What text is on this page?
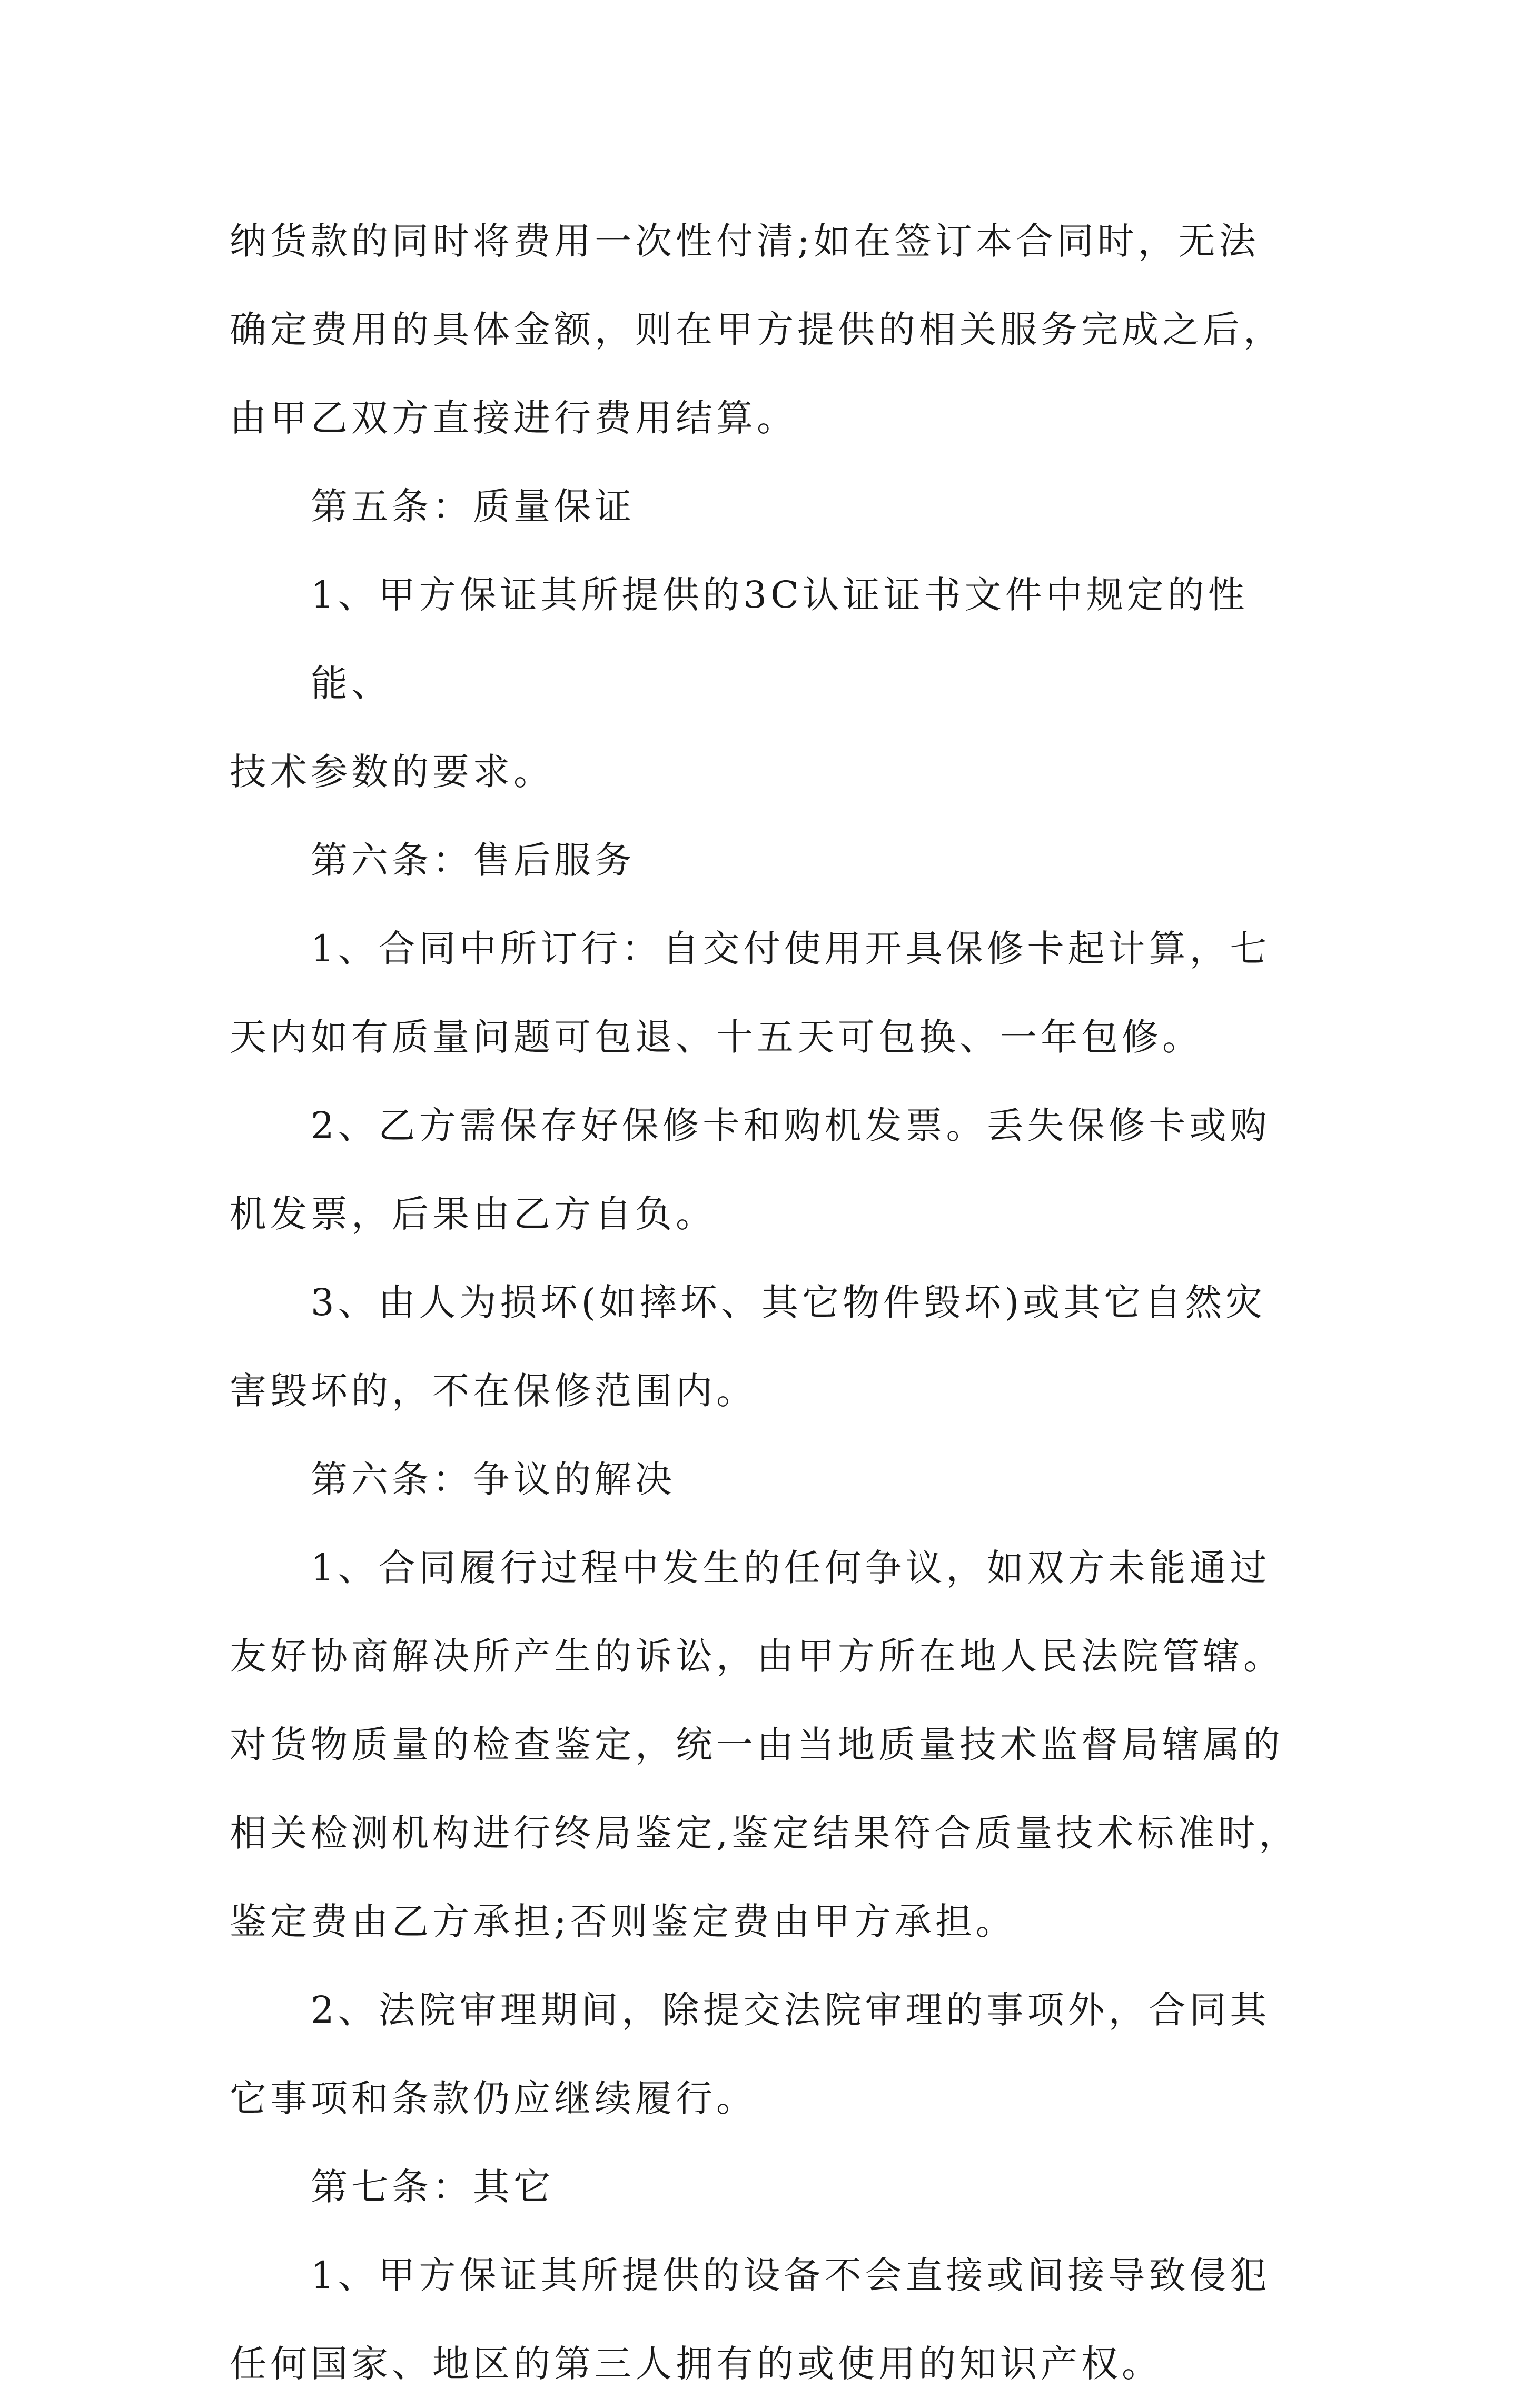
纳货款的同时将费用一次性付清;如在签订本合同时，无法
确定费用的具体金额，则在甲方提供的相关服务完成之后，
由甲乙双方直接进行费用结算。
第五条：质量保证
1、甲方保证其所提供的3C认证证书文件中规定的性能、
技术参数的要求。
第六条：售后服务
1、合同中所订行：自交付使用开具保修卡起计算，七
天内如有质量问题可包退、十五天可包换、一年包修。
2、乙方需保存好保修卡和购机发票。丢失保修卡或购
机发票，后果由乙方自负。
3、由人为损坏(如摔坏、其它物件毁坏)或其它自然灾
害毁坏的，不在保修范围内。
第六条：争议的解决
1、合同履行过程中发生的任何争议，如双方未能通过
友好协商解决所产生的诉讼，由甲方所在地人民法院管辖。
对货物质量的检查鉴定，统一由当地质量技术监督局辖属的
相关检测机构进行终局鉴定,鉴定结果符合质量技术标准时，
鉴定费由乙方承担;否则鉴定费由甲方承担。
2、法院审理期间，除提交法院审理的事项外，合同其
它事项和条款仍应继续履行。
第七条：其它
1、甲方保证其所提供的设备不会直接或间接导致侵犯
任何国家、地区的第三人拥有的或使用的知识产权。
